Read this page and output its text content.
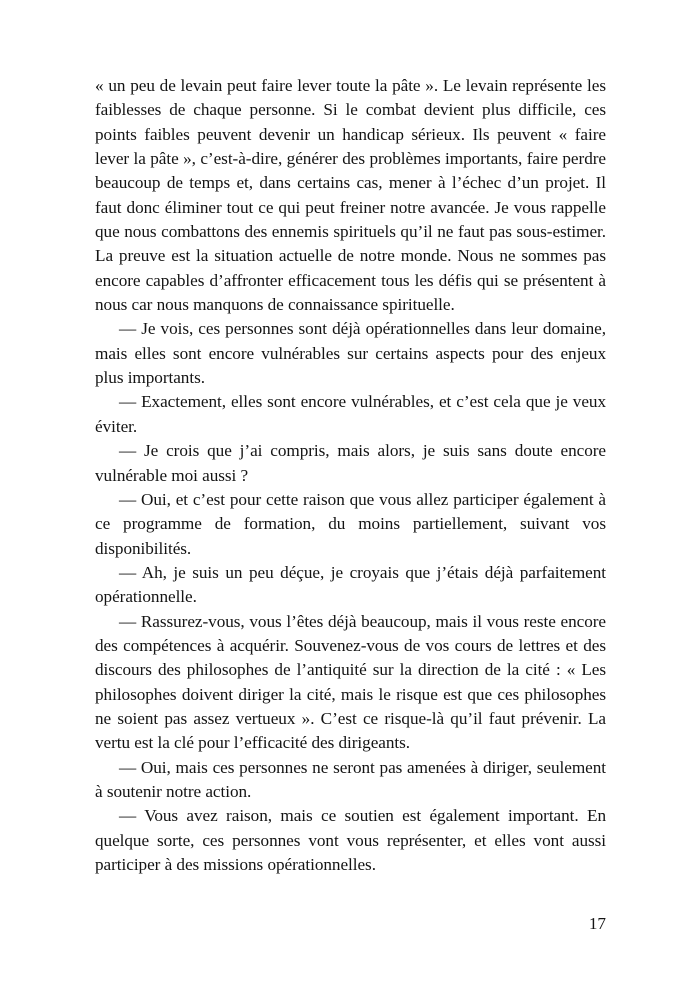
« un peu de levain peut faire lever toute la pâte ». Le levain représente les faiblesses de chaque personne. Si le combat devient plus difficile, ces points faibles peuvent devenir un handicap sérieux. Ils peuvent « faire lever la pâte », c’est-à-dire, générer des problèmes importants, faire perdre beaucoup de temps et, dans certains cas, mener à l’échec d’un projet. Il faut donc éliminer tout ce qui peut freiner notre avancée. Je vous rappelle que nous combattons des ennemis spirituels qu’il ne faut pas sous-estimer. La preuve est la situation actuelle de notre monde. Nous ne sommes pas encore capables d’affronter efficacement tous les défis qui se présentent à nous car nous manquons de connaissance spirituelle.

— Je vois, ces personnes sont déjà opérationnelles dans leur domaine, mais elles sont encore vulnérables sur certains aspects pour des enjeux plus importants.

— Exactement, elles sont encore vulnérables, et c’est cela que je veux éviter.

— Je crois que j’ai compris, mais alors, je suis sans doute encore vulnérable moi aussi ?

— Oui, et c’est pour cette raison que vous allez participer également à ce programme de formation, du moins partiellement, suivant vos disponibilités.

— Ah, je suis un peu déçue, je croyais que j’étais déjà parfaitement opérationnelle.

— Rassurez-vous, vous l’êtes déjà beaucoup, mais il vous reste encore des compétences à acquérir. Souvenez-vous de vos cours de lettres et des discours des philosophes de l’antiquité sur la direction de la cité : « Les philosophes doivent diriger la cité, mais le risque est que ces philosophes ne soient pas assez vertueux ». C’est ce risque-là qu’il faut prévenir. La vertu est la clé pour l’efficacité des dirigeants.

— Oui, mais ces personnes ne seront pas amenées à diriger, seulement à soutenir notre action.

— Vous avez raison, mais ce soutien est également important. En quelque sorte, ces personnes vont vous représenter, et elles vont aussi participer à des missions opérationnelles.

17
